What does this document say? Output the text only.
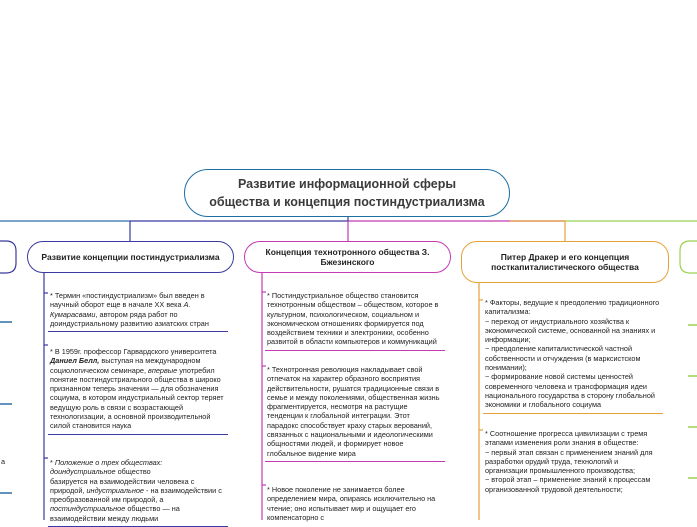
Развитие информационной сферы
общества и концепция постиндустриализма
Развитие концепции постиндустриализма

* Термин «постиндустриализм» был введен в научный оборот еще в начале XX века А. Кумарасвами, автором ряда работ по доиндустриальному развитию азиатских стран

* В 1959г. профессор Гарвардского университета Даниел Белл, выступая на международном социологическом семинаре, впервые употребил понятие постиндустриального общества в широко признанном теперь значении — для обозначения социума, в котором индустриальный сектор теряет ведущую роль в связи с возрастающей технологизации, а основной производительной силой становится наука

* Положение о трех обществах: доиндустриальное общество
базируется на взаимодействии человека с природой, индустриальное - на взаимодействии с преобразованной им природой, а постиндустриальное общество — на взаимодействии между людьми

Концепция технотронного общества З. Бжезинского

* Постиндустриальное общество становится технотронным обществом – обществом, которое в культурном, психологическом, социальном и экономическом отношениях формируется под воздействием техники и электроники, особенно развитой в области компьютеров и коммуникаций

* Технотронная революция накладывает свой
отпечаток на характер образного восприятия действительности, рушатся традиционные связи в семье и между поколениями, общественная жизнь фрагментируется, несмотря на растущие тенденции к глобальной интеграции. Этот парадокс способствует краху старых верований, связанных с национальными и идеологическими общностями людей, и формирует новое глобальное видение мира

* Новое поколение не занимается более определением мира, опираясь исключительно на чтение; оно испытывает мир и ощущает его компенсаторно с

Питер Дракер и его концепция посткапиталистического общества

* Факторы, ведущие к преодолению традиционного капитализма:
− переход от индустриального хозяйства к экономической системе, основанной на знаниях и информации;
− преодоление капиталистической частной собственности и отчуждения (в марксистском понимании);
− формирование новой системы ценностей современного человека и трансформация идеи национального государства в сторону глобальной экономики и глобального социума

* Соотношение прогресса цивилизации с тремя этапами изменения роли знания в обществе:
− первый этап связан с применением знаний для разработки орудий труда, технологий и организации промышленного производства;
− второй этап – применение знаний к процессам организованной трудовой деятельности;

а
